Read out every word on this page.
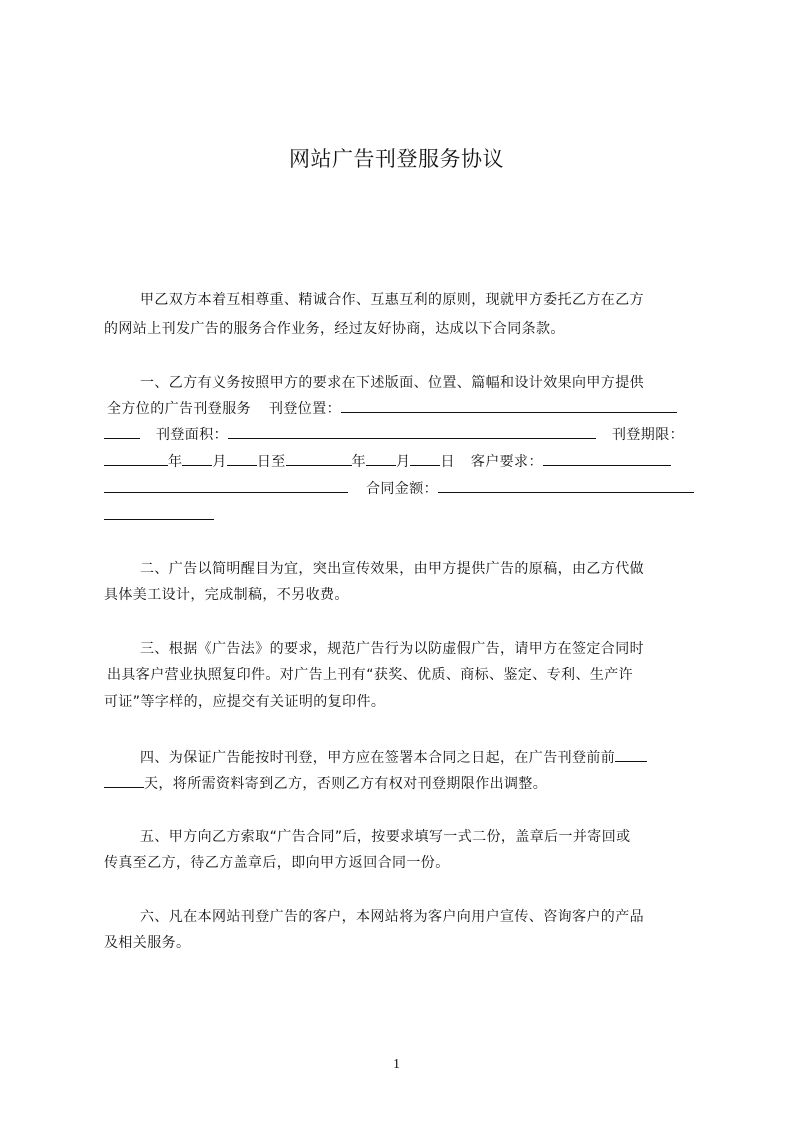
网站广告刊登服务协议
甲乙双方本着互相尊重、精诚合作、互惠互利的原则，现就甲方委托乙方在乙方
的网站上刊发广告的服务合作业务，经过友好协商，达成以下合同条款。
一、乙方有义务按照甲方的要求在下述版面、位置、篇幅和设计效果向甲方提供
全方位的广告刊登服务 刊登位置：
刊登面积：	刊登期限：
年 月 日至	年 月 日 客户要求：
合同金额：
二、广告以简明醒目为宜，突出宣传效果，由甲方提供广告的原稿，由乙方代做
具体美工设计，完成制稿，不另收费。
三、根据《广告法》的要求，规范广告行为以防虚假广告，请甲方在签定合同时
出具客户营业执照复印件。对广告上刊有“获奖、优质、商标、鉴定、专利、生产许
可证”等字样的，应提交有关证明的复印件。
四、为保证广告能按时刊登，甲方应在签署本合同之日起，在广告刊登前前
天，将所需资料寄到乙方，否则乙方有权对刊登期限作出调整。
五、甲方向乙方索取“广告合同”后，按要求填写一式二份，盖章后一并寄回或
传真至乙方，待乙方盖章后，即向甲方返回合同一份。
六、凡在本网站刊登广告的客户，本网站将为客户向用户宣传、咨询客户的产品
及相关服务。
1
